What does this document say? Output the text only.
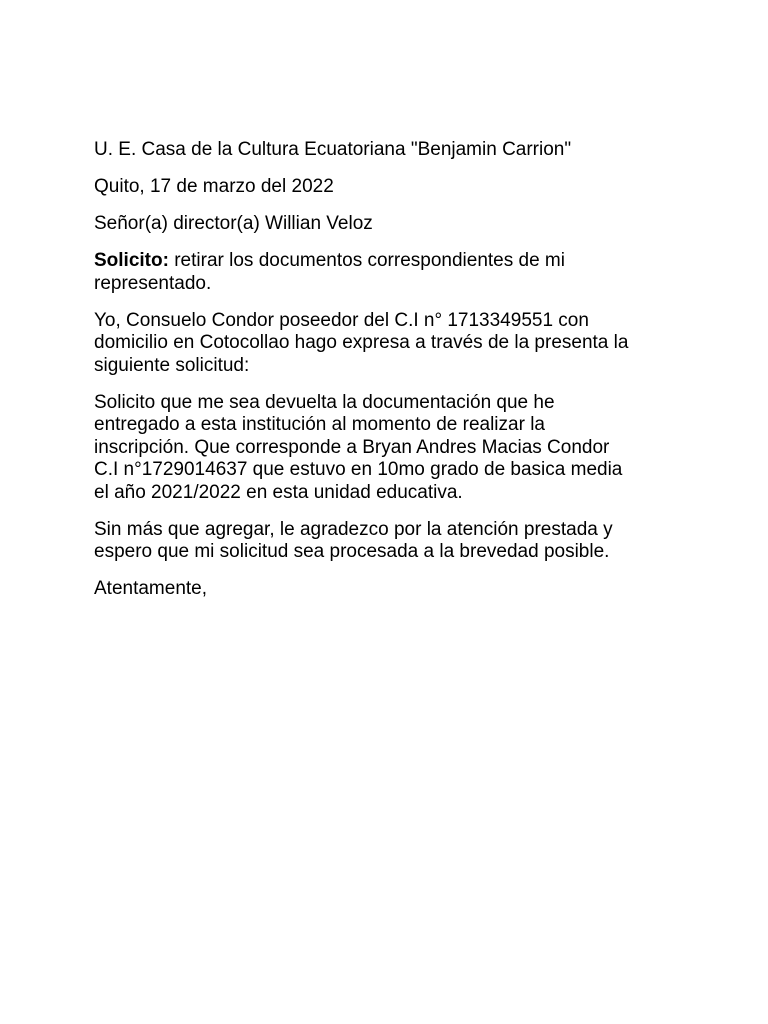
U. E. Casa de la Cultura Ecuatoriana "Benjamin Carrion"

Quito, 17 de marzo del 2022

Señor(a) director(a) Willian Veloz

Solicito: retirar los documentos correspondientes de mi
representado.

Yo, Consuelo Condor poseedor del C.I n° 1713349551 con
domicilio en Cotocollao hago expresa a través de la presenta la
siguiente solicitud:

Solicito que me sea devuelta la documentación que he
entregado a esta institución al momento de realizar la
inscripción. Que corresponde a Bryan Andres Macias Condor
C.I n°1729014637 que estuvo en 10mo grado de basica media
el año 2021/2022 en esta unidad educativa.

Sin más que agregar, le agradezco por la atención prestada y
espero que mi solicitud sea procesada a la brevedad posible.

Atentamente,
